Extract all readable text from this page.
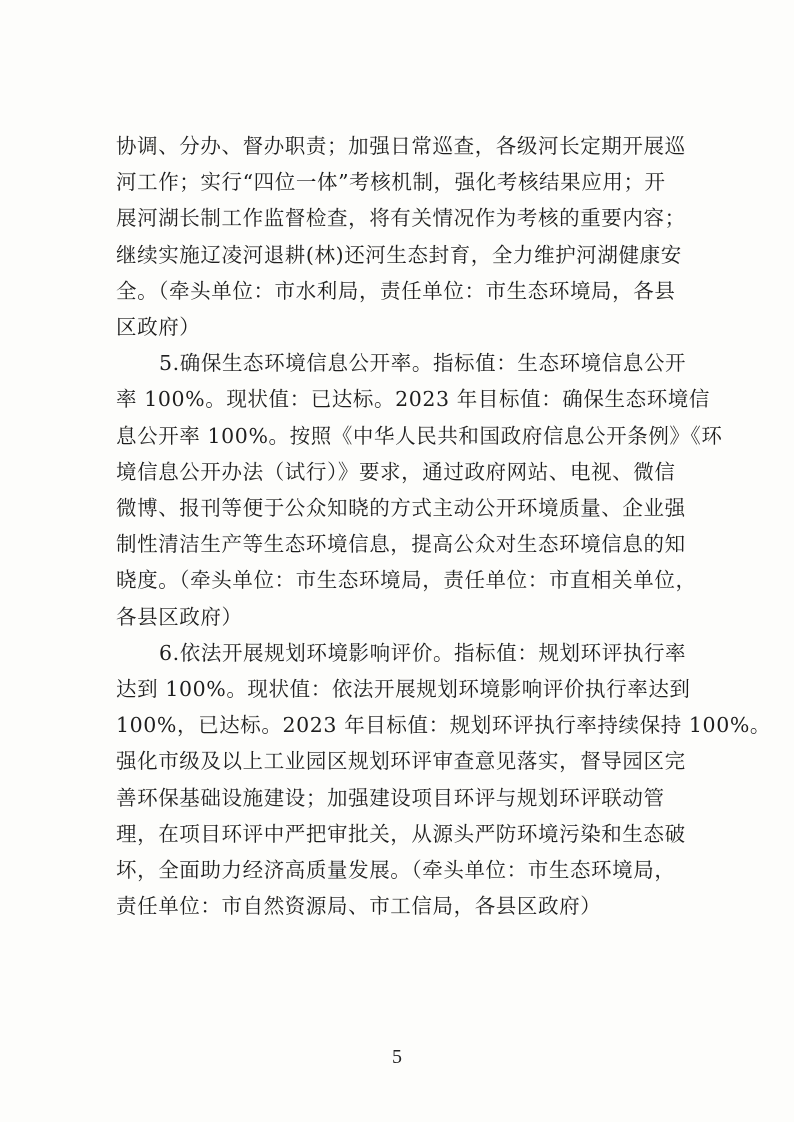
协调、分办、督办职责；加强日常巡查，各级河长定期开展巡
河工作；实行“四位一体”考核机制，强化考核结果应用；开
展河湖长制工作监督检查，将有关情况作为考核的重要内容；
继续实施辽凌河退耕(林)还河生态封育，全力维护河湖健康安
全。（牵头单位：市水利局，责任单位：市生态环境局，各县
区政府）

5.确保生态环境信息公开率。指标值：生态环境信息公开
率 100%。现状值：已达标。2023 年目标值：确保生态环境信
息公开率 100%。按照《中华人民共和国政府信息公开条例》《环
境信息公开办法（试行）》要求，通过政府网站、电视、微信
微博、报刊等便于公众知晓的方式主动公开环境质量、企业强
制性清洁生产等生态环境信息，提高公众对生态环境信息的知
晓度。（牵头单位：市生态环境局，责任单位：市直相关单位，
各县区政府）

6.依法开展规划环境影响评价。指标值：规划环评执行率
达到 100%。现状值：依法开展规划环境影响评价执行率达到
100%，已达标。2023 年目标值：规划环评执行率持续保持 100%。
强化市级及以上工业园区规划环评审查意见落实，督导园区完
善环保基础设施建设；加强建设项目环评与规划环评联动管
理，在项目环评中严把审批关，从源头严防环境污染和生态破
坏，全面助力经济高质量发展。（牵头单位：市生态环境局，
责任单位：市自然资源局、市工信局，各县区政府）

5
